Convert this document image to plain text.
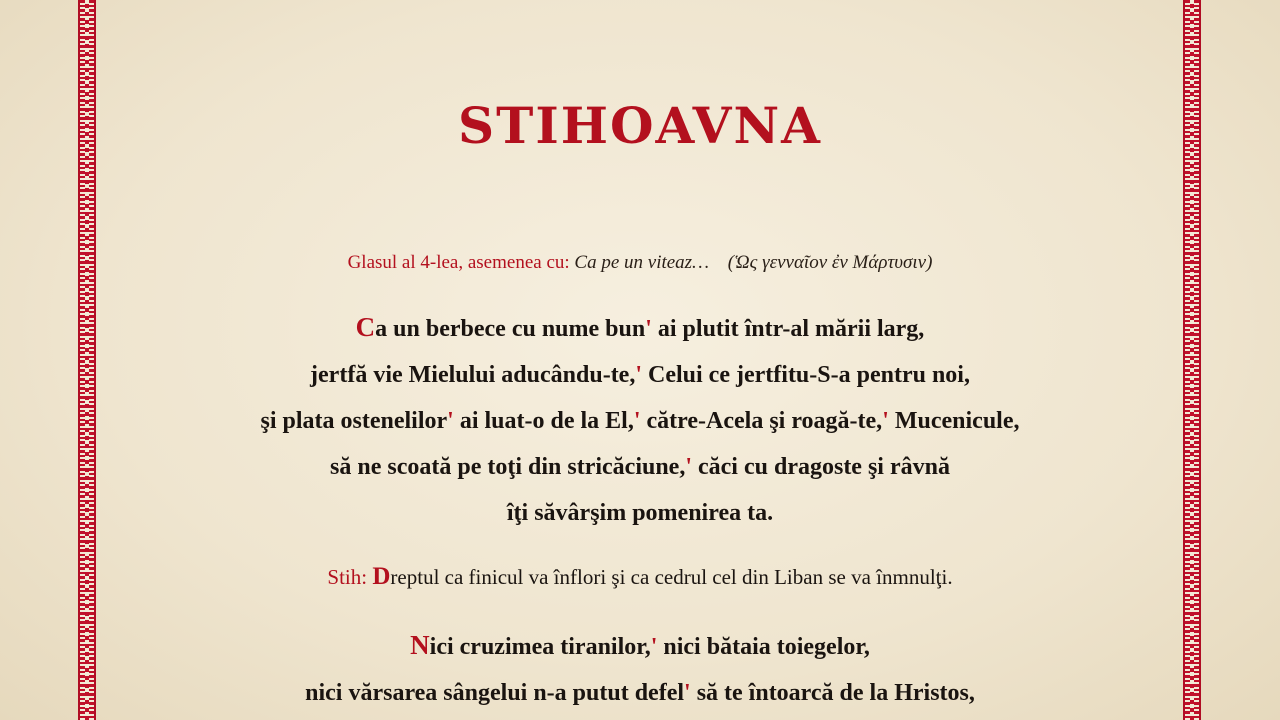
STIHOAVNA
Glasul al 4-lea, asemenea cu: Ca pe un viteaz… (Ὡς γενναῖον ἐν Μάρτυσιν)
Ca un berbece cu nume bun' ai plutit într-al mării larg,
jertfă vie Mielului aducându-te,' Celui ce jertfitu-S-a pentru noi,
şi plata ostenelilor' ai luat-o de la El,' către-Acela şi roagă-te,' Mucenicule,
să ne scoată pe toţi din stricăciune,' căci cu dragoste şi râvnă
îţi săvârşim pomenirea ta.
Stih: Dreptul ca finicul va înflori şi ca cedrul cel din Liban se va înmnulţi.
Nici cruzimea tiranilor,' nici bătaia toiegelor,
nici vărsarea sângelui n-a putut defel' să te întoarcă de la Hristos,
